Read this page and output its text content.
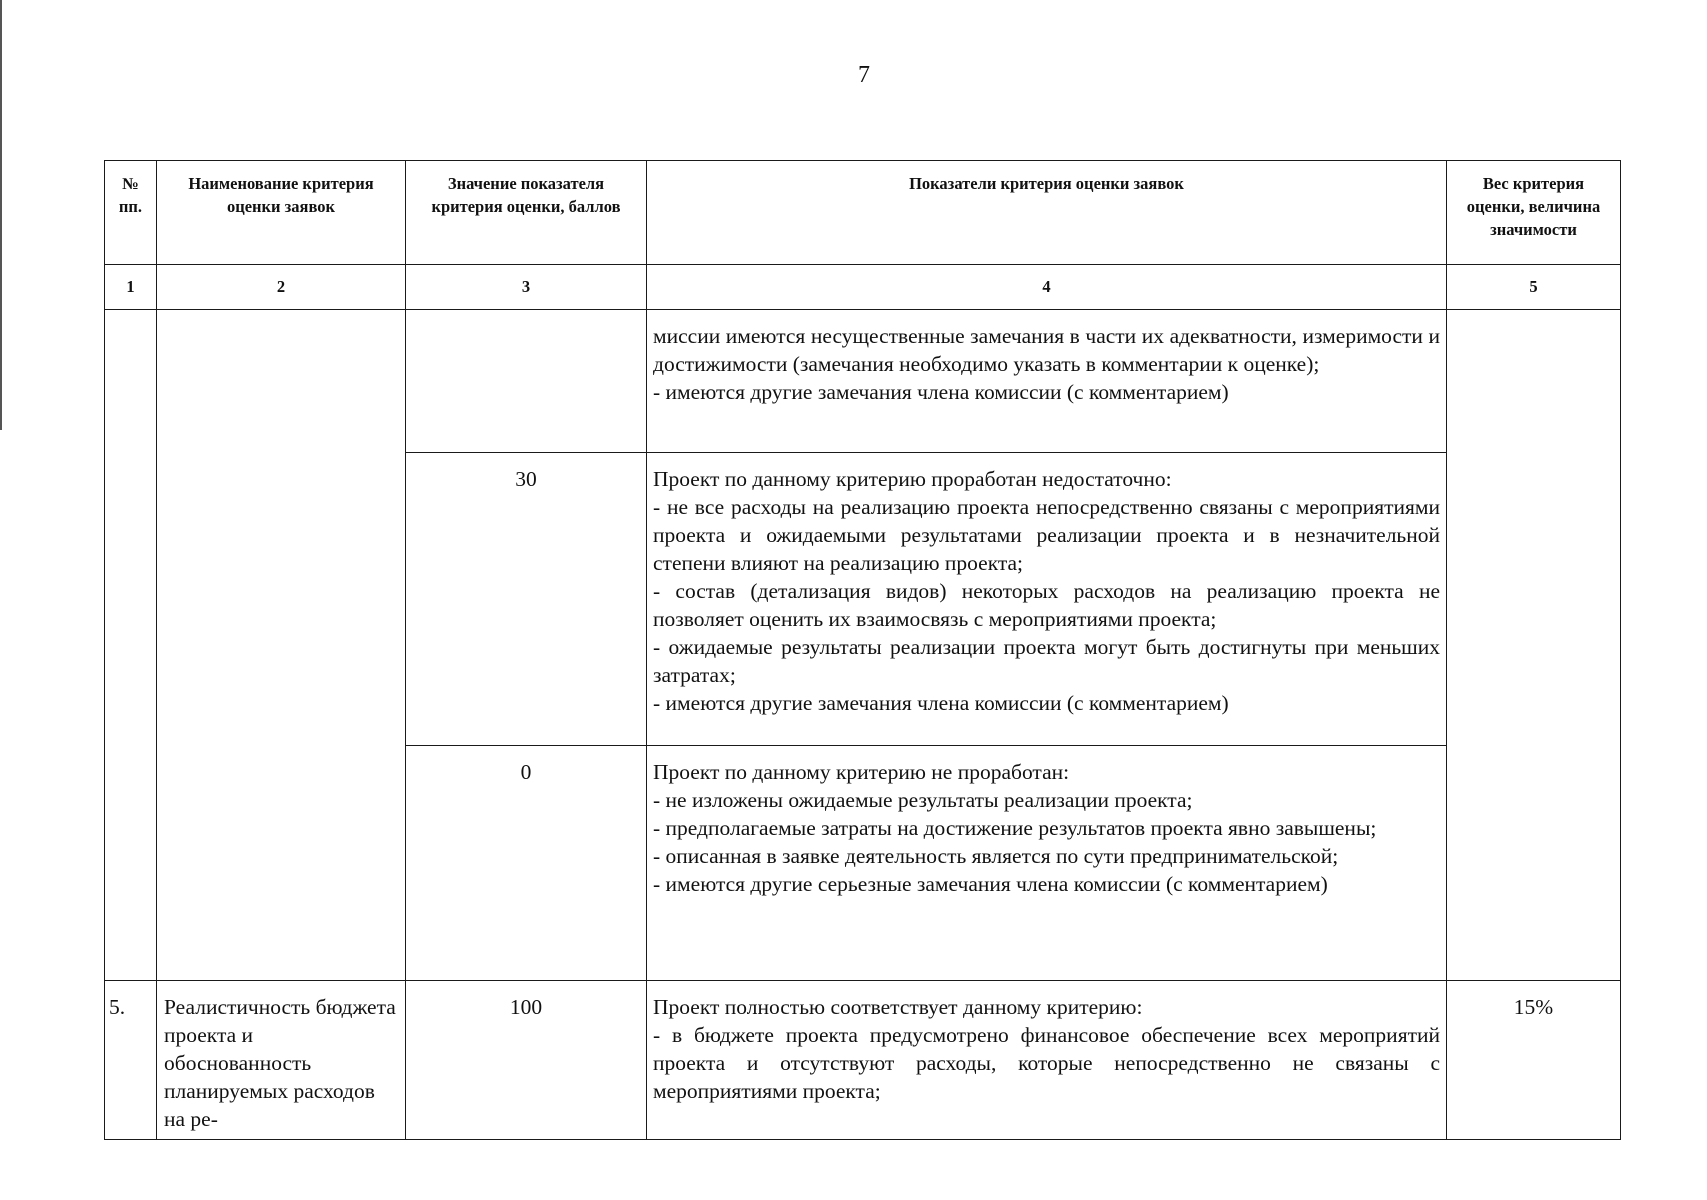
7
№ пп.	Наименование критерия оценки заявок	Значение показателя критерия оценки, баллов	Показатели критерия оценки заявок	Вес критерия оценки, величина значимости
1	2	3	4	5

			миссии имеются несущественные замечания в части их адекватности, измеримости и достижимости (замечания необходимо указать в комментарии к оценке);

- имеются другие замечания члена комиссии (с комментарием)	

		30	Проект по данному критерию проработан недостаточно:

- не все расходы на реализацию проекта непосредственно связаны с мероприятиями проекта и ожидаемыми результатами реализации проекта и в незначительной степени влияют на реализацию проекта;

- состав (детализация видов) некоторых расходов на реализацию проекта не позволяет оценить их взаимосвязь с мероприятиями проекта;

- ожидаемые результаты реализации проекта могут быть достигнуты при меньших затратах;

- имеются другие замечания члена комиссии (с комментарием)	

		0	Проект по данному критерию не проработан:

- не изложены ожидаемые результаты реализации проекта;

- предполагаемые затраты на достижение результатов проекта явно завышены;

- описанная в заявке деятельность является по сути предпринимательской;

- имеются другие серьезные замечания члена комиссии (с комментарием)	

5.	Реалистичность бюджета проекта и обоснованность планируемых расходов на ре-	100	Проект полностью соответствует данному критерию:

- в бюджете проекта предусмотрено финансовое обеспечение всех мероприятий проекта и отсутствуют расходы, которые непосредственно не связаны с мероприятиями проекта;	15%
